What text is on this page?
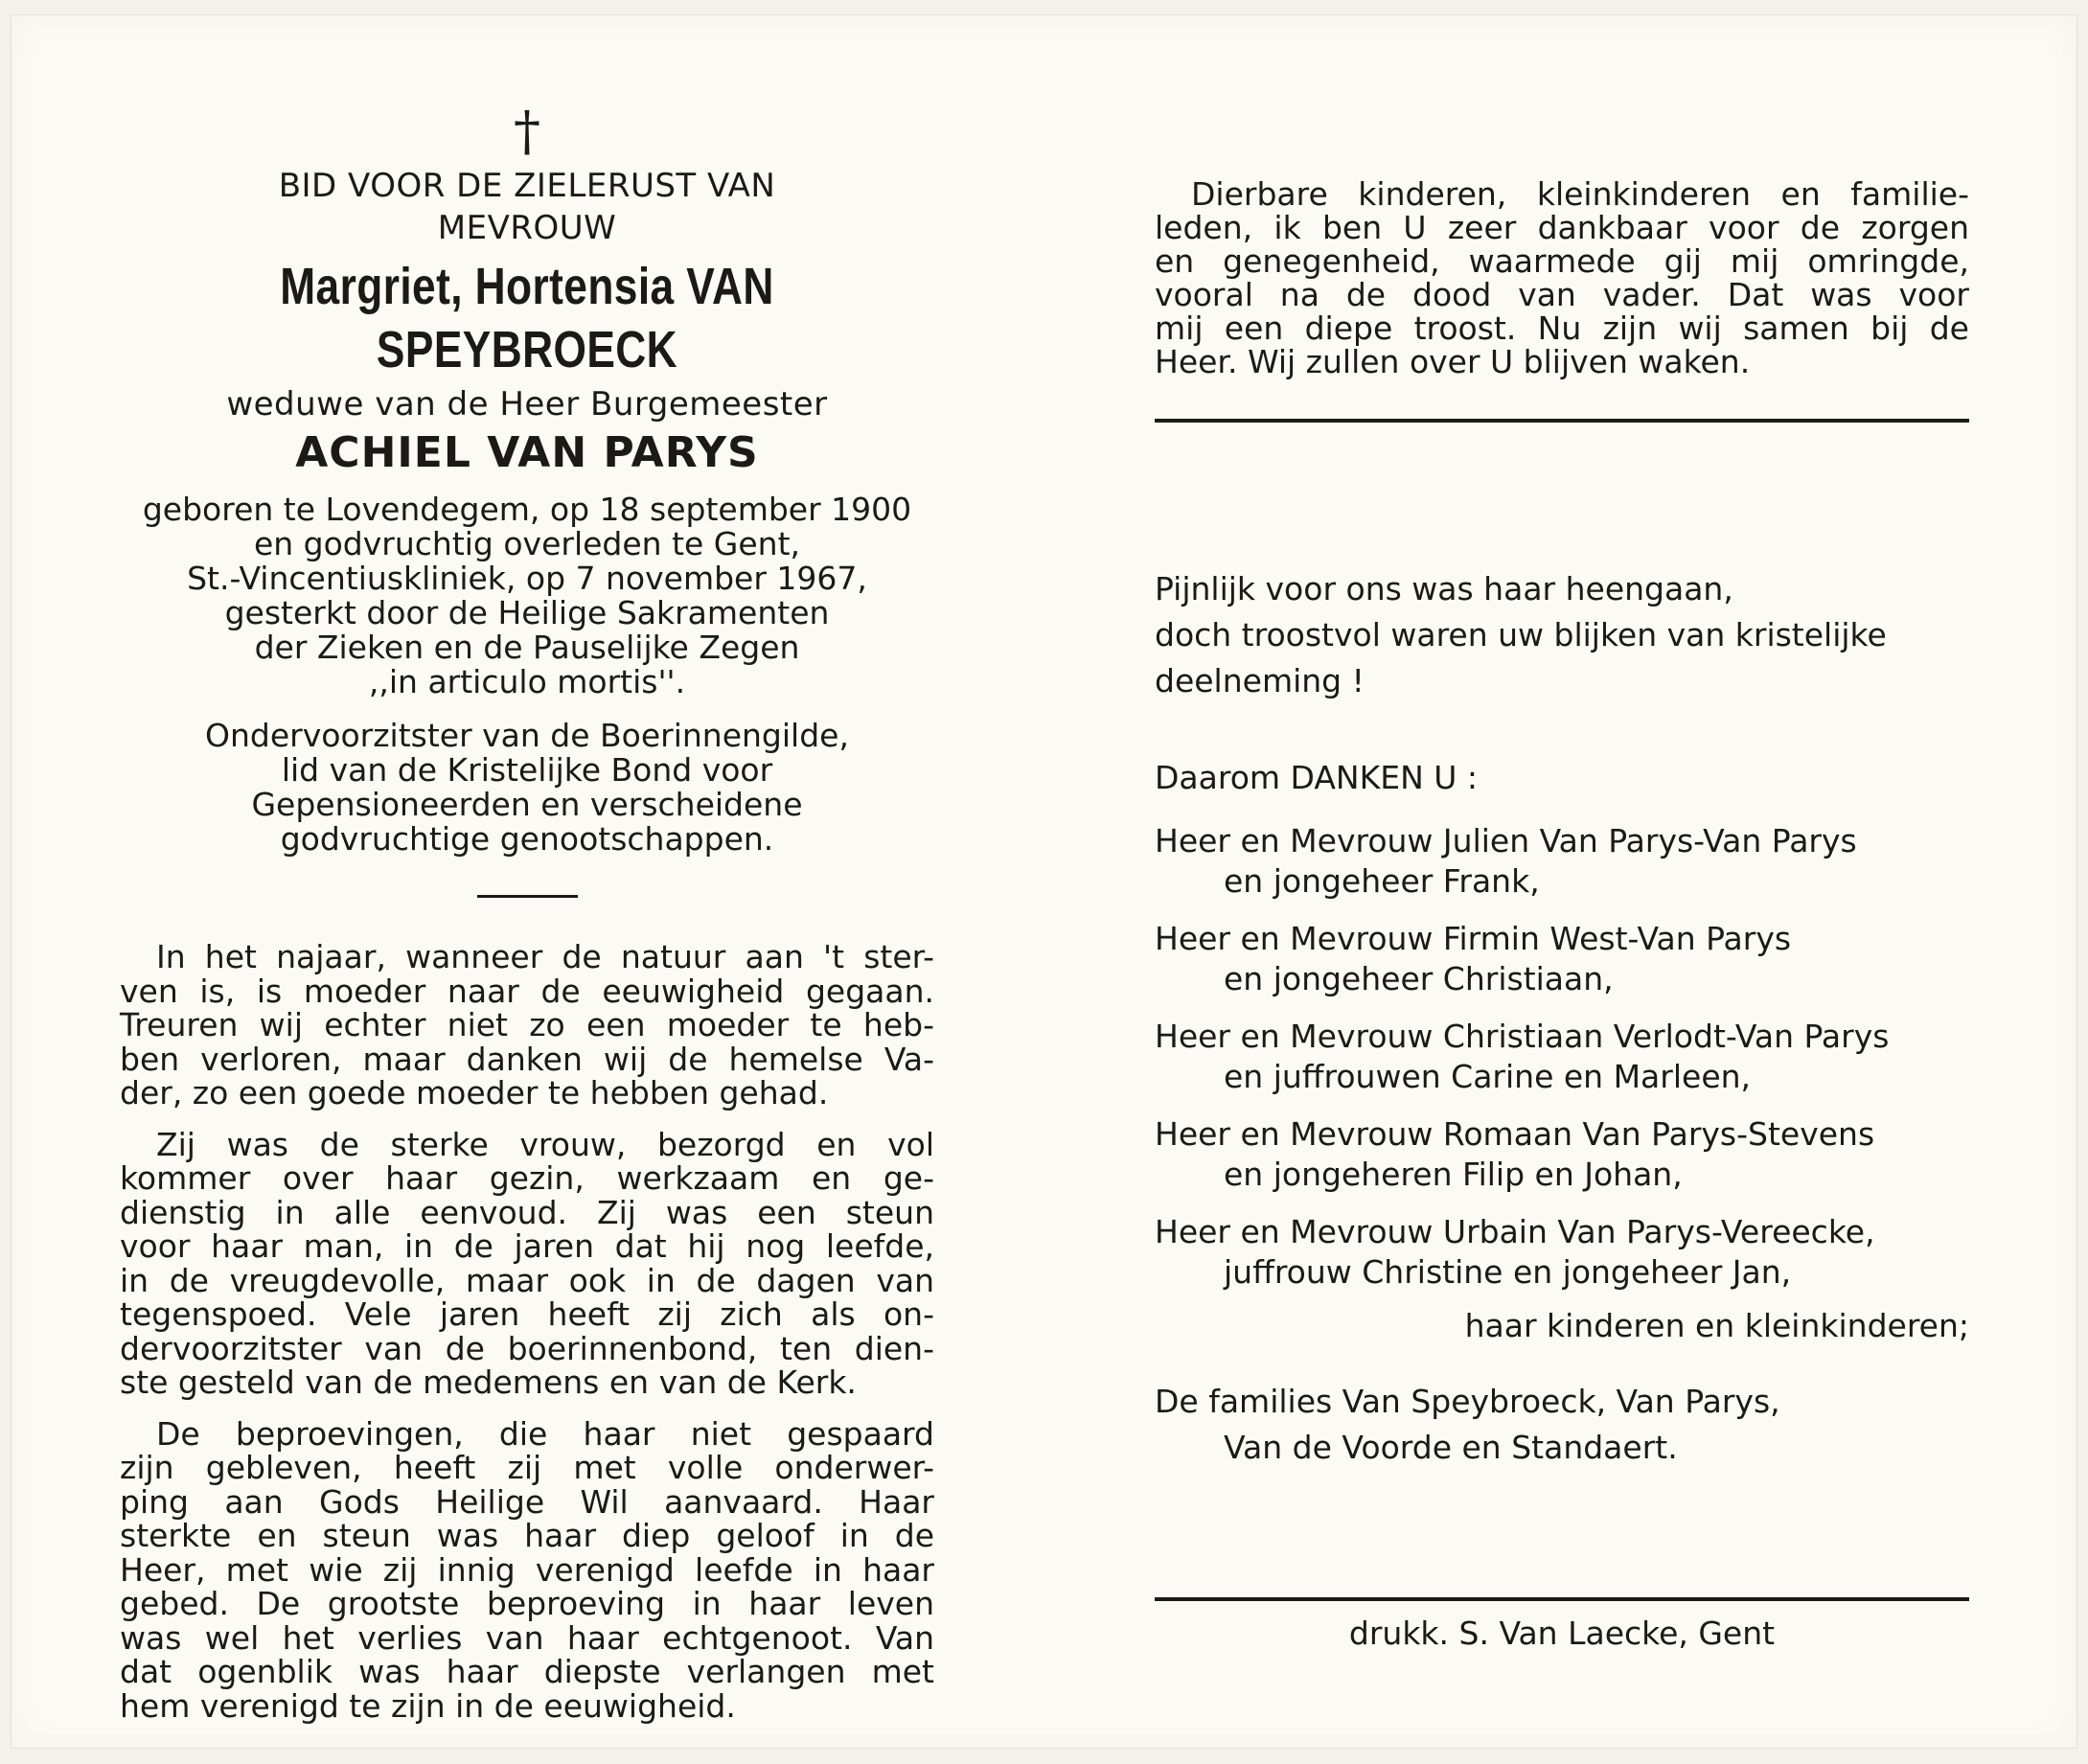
†
BID VOOR DE ZIELERUST VAN
MEVROUW
Margriet, Hortensia VAN SPEYBROECK
weduwe van de Heer Burgemeester
ACHIEL VAN PARYS
geboren te Lovendegem, op 18 september 1900
en godvruchtig overleden te Gent,
St.-Vincentiuskliniek, op 7 november 1967,
gesterkt door de Heilige Sakramenten
der Zieken en de Pauselijke Zegen
,,in articulo mortis''.
Ondervoorzitster van de Boerinnengilde,
lid van de Kristelijke Bond voor
Gepensioneerden en verscheidene
godvruchtige genootschappen.
In het najaar, wanneer de natuur aan 't ster-
ven is, is moeder naar de eeuwigheid gegaan.
Treuren wij echter niet zo een moeder te heb-
ben verloren, maar danken wij de hemelse Va-
der, zo een goede moeder te hebben gehad.
Zij was de sterke vrouw, bezorgd en vol
kommer over haar gezin, werkzaam en ge-
dienstig in alle eenvoud. Zij was een steun
voor haar man, in de jaren dat hij nog leefde,
in de vreugdevolle, maar ook in de dagen van
tegenspoed. Vele jaren heeft zij zich als on-
dervoorzitster van de boerinnenbond, ten dien-
ste gesteld van de medemens en van de Kerk.
De beproevingen, die haar niet gespaard
zijn gebleven, heeft zij met volle onderwer-
ping aan Gods Heilige Wil aanvaard. Haar
sterkte en steun was haar diep geloof in de
Heer, met wie zij innig verenigd leefde in haar
gebed. De grootste beproeving in haar leven
was wel het verlies van haar echtgenoot. Van
dat ogenblik was haar diepste verlangen met
hem verenigd te zijn in de eeuwigheid.
Dierbare kinderen, kleinkinderen en familie-
leden, ik ben U zeer dankbaar voor de zorgen
en genegenheid, waarmede gij mij omringde,
vooral na de dood van vader. Dat was voor
mij een diepe troost. Nu zijn wij samen bij de
Heer. Wij zullen over U blijven waken.
Pijnlijk voor ons was haar heengaan,
doch troostvol waren uw blijken van kristelijke
deelneming !
Daarom DANKEN U :
Heer en Mevrouw Julien Van Parys-Van Parys
en jongeheer Frank,
Heer en Mevrouw Firmin West-Van Parys
en jongeheer Christiaan,
Heer en Mevrouw Christiaan Verlodt-Van Parys
en juffrouwen Carine en Marleen,
Heer en Mevrouw Romaan Van Parys-Stevens
en jongeheren Filip en Johan,
Heer en Mevrouw Urbain Van Parys-Vereecke,
juffrouw Christine en jongeheer Jan,
haar kinderen en kleinkinderen;
De families Van Speybroeck, Van Parys,
Van de Voorde en Standaert.
drukk. S. Van Laecke, Gent
